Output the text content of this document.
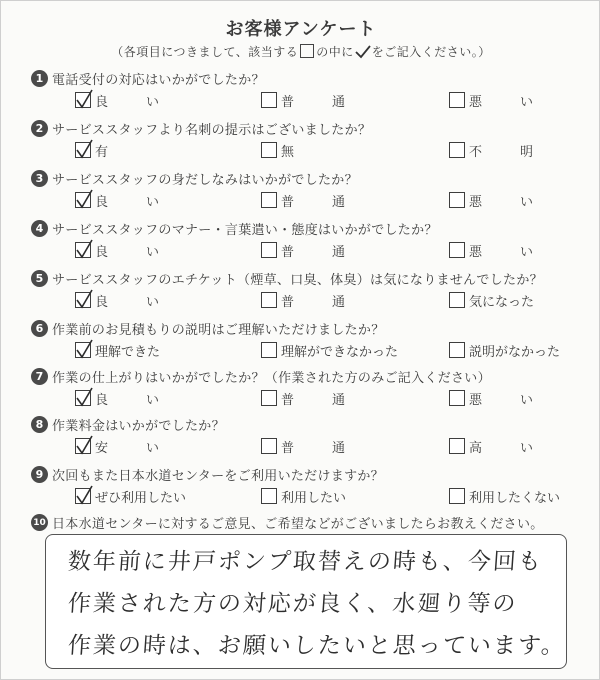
お客様アンケート
（各項目につきまして、該当する の中に をご記入ください。）
1 電話受付の対応はいかがでしたか？
良い	普通	悪い
2 サービススタッフより名刺の提示はございましたか？
有	無	不明
3 サービススタッフの身だしなみはいかがでしたか？
良い	普通	悪い
4 サービススタッフのマナー・言葉遣い・態度はいかがでしたか？
良い	普通	悪い
5 サービススタッフのエチケット（煙草、口臭、体臭）は気になりませんでしたか？
良い	普通	気になった
6 作業前のお見積もりの説明はご理解いただけましたか？
理解できた	理解ができなかった	説明がなかった
7 作業の仕上がりはいかがでしたか？（作業された方のみご記入ください）
良い	普通	悪い
8 作業料金はいかがでしたか？
安い	普通	高い
9 次回もまた日本水道センターをご利用いただけますか？
ぜひ利用したい	利用したい	利用したくない
10 日本水道センターに対するご意見、ご希望などがございましたらお教えください。
数年前に井戸ポンプ取替えの時も、今回も
作業された方の対応が良く、水廻り等の
作業の時は、お願いしたいと思っています。
